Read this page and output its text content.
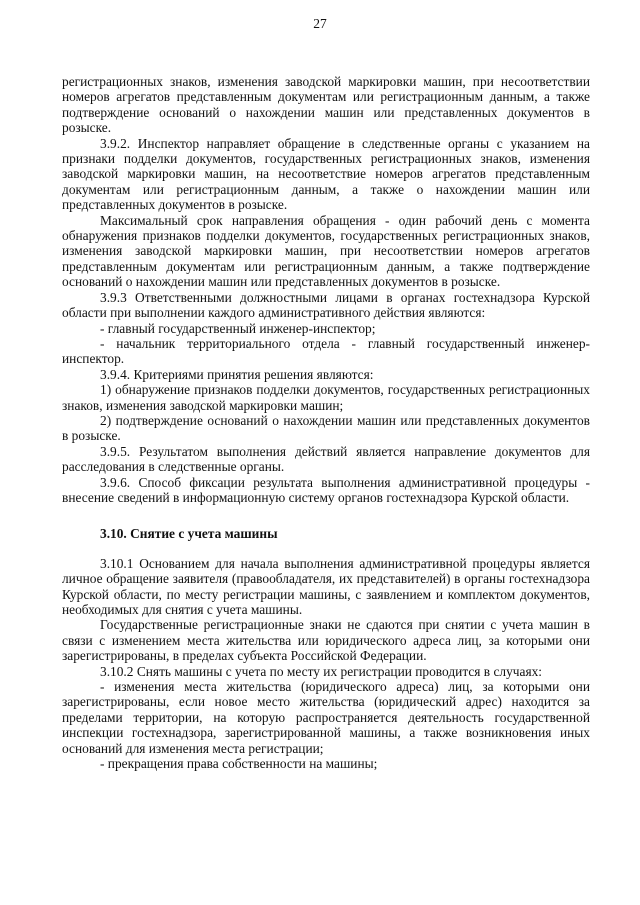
27

регистрационных знаков, изменения заводской маркировки машин, при несоответствии номеров агрегатов представленным документам или регистрационным данным, а также подтверждение оснований о нахождении машин или представленных документов в розыске.

3.9.2. Инспектор направляет обращение в следственные органы с указанием на признаки подделки документов, государственных регистрационных знаков, изменения заводской маркировки машин, на несоответствие номеров агрегатов представленным документам или регистрационным данным, а также о нахождении машин или представленных документов в розыске.

Максимальный срок направления обращения - один рабочий день с момента обнаружения признаков подделки документов, государственных регистрационных знаков, изменения заводской маркировки машин, при несоответствии номеров агрегатов представленным документам или регистрационным данным, а также подтверждение оснований о нахождении машин или представленных документов в розыске.

3.9.3 Ответственными должностными лицами в органах гостехнадзора Курской области при выполнении каждого административного действия являются:

- главный государственный инженер-инспектор;

- начальник территориального отдела - главный государственный инженер-инспектор.

3.9.4. Критериями принятия решения являются:

1) обнаружение признаков подделки документов, государственных регистрационных знаков, изменения заводской маркировки машин;

2) подтверждение оснований о нахождении машин или представленных документов в розыске.

3.9.5. Результатом выполнения действий является направление документов для расследования в следственные органы.

3.9.6. Способ фиксации результата выполнения административной процедуры - внесение сведений в информационную систему органов гостехнадзора Курской области.

3.10. Снятие с учета машины

3.10.1 Основанием для начала выполнения административной процедуры является личное обращение заявителя (правообладателя, их представителей) в органы гостехнадзора Курской области, по месту регистрации машины, с заявлением и комплектом документов, необходимых для снятия с учета машины.

Государственные регистрационные знаки не сдаются при снятии с учета машин в связи с изменением места жительства или юридического адреса лиц, за которыми они зарегистрированы, в пределах субъекта Российской Федерации.

3.10.2 Снять машины с учета по месту их регистрации проводится в случаях:

- изменения места жительства (юридического адреса) лиц, за которыми они зарегистрированы, если новое место жительства (юридический адрес) находится за пределами территории, на которую распространяется деятельность государственной инспекции гостехнадзора, зарегистрированной машины, а также возникновения иных оснований для изменения места регистрации;

- прекращения права собственности на машины;
